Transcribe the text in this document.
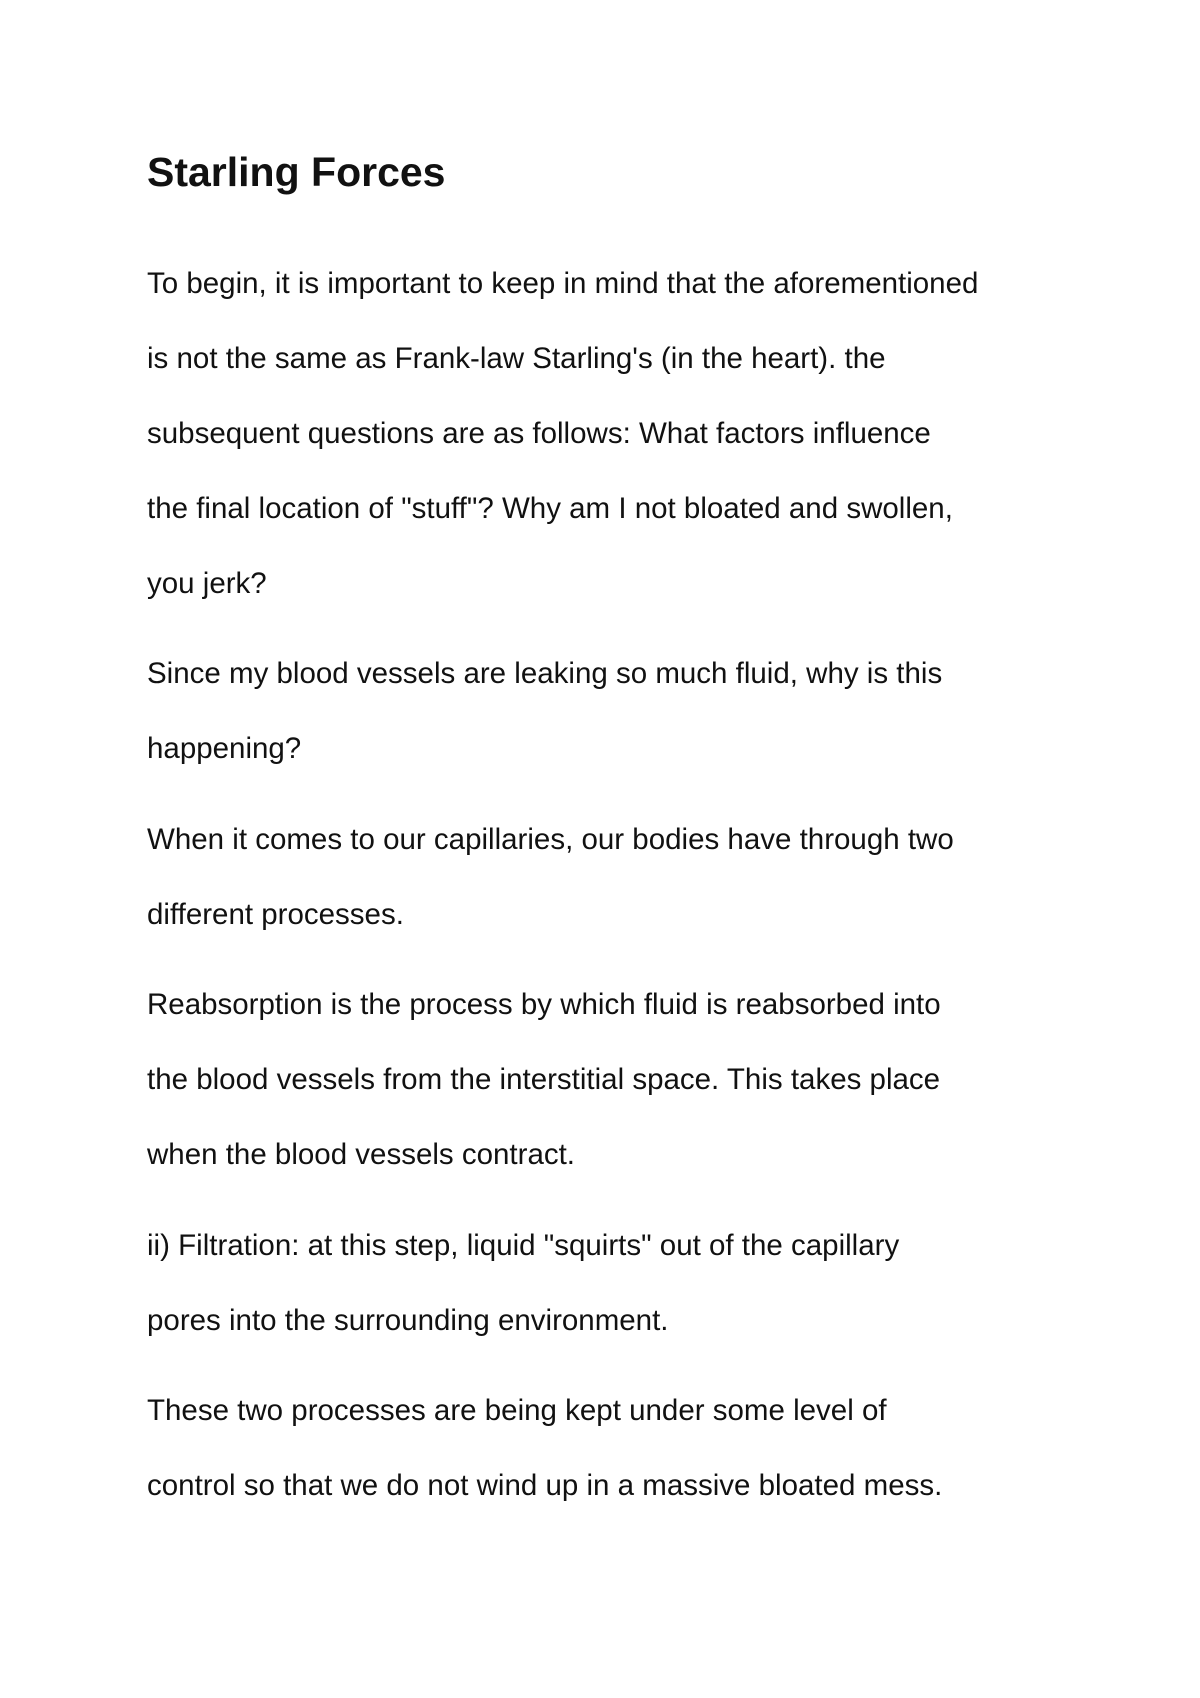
Starling Forces

To begin, it is important to keep in mind that the aforementioned

is not the same as Frank-law Starling's (in the heart). the

subsequent questions are as follows: What factors influence

the final location of "stuff"? Why am I not bloated and swollen,

you jerk?

Since my blood vessels are leaking so much fluid, why is this

happening?

When it comes to our capillaries, our bodies have through two

different processes.

Reabsorption is the process by which fluid is reabsorbed into

the blood vessels from the interstitial space. This takes place

when the blood vessels contract.

ii) Filtration: at this step, liquid "squirts" out of the capillary

pores into the surrounding environment.

These two processes are being kept under some level of

control so that we do not wind up in a massive bloated mess.
